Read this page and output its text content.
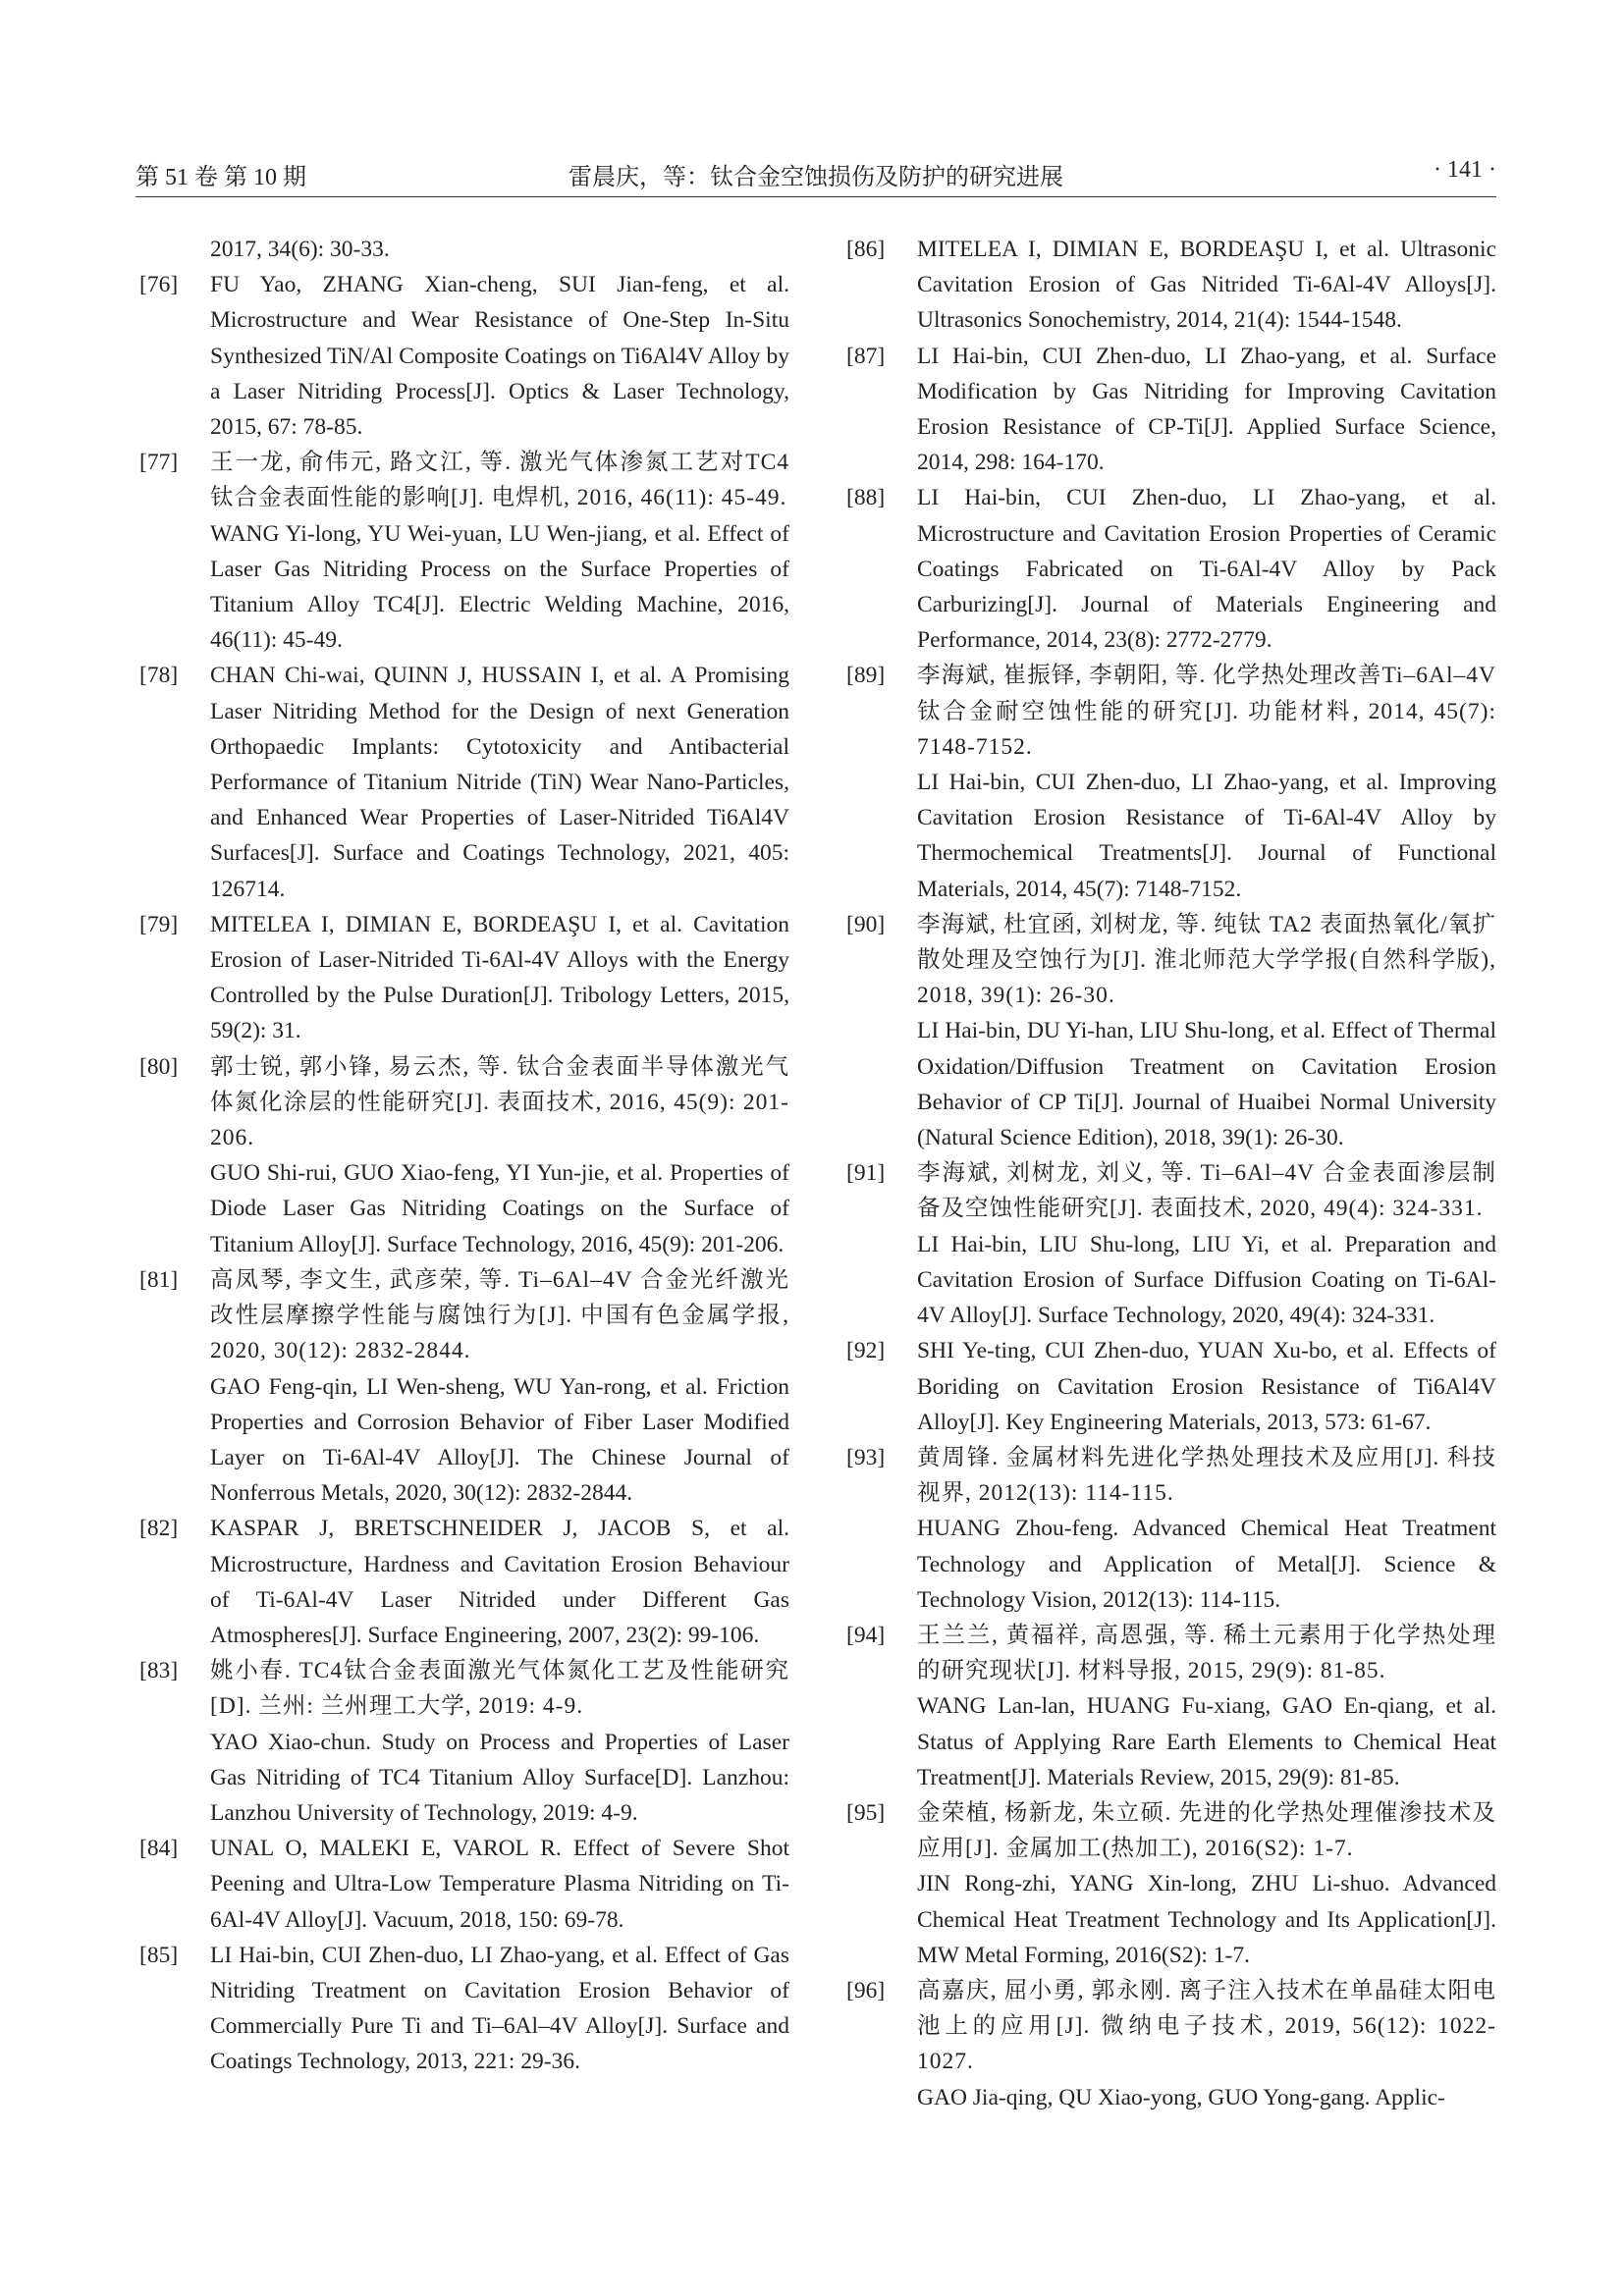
第 51 卷 第 10 期	雷晨庆，等：钛合金空蚀损伤及防护的研究进展	· 141 ·
2017, 34(6): 30-33.
[76] FU Yao, ZHANG Xian-cheng, SUI Jian-feng, et al. Microstructure and Wear Resistance of One-Step In-Situ Synthesized TiN/Al Composite Coatings on Ti6Al4V Alloy by a Laser Nitriding Process[J]. Optics & Laser Technology, 2015, 67: 78-85.
[77] 王一龙, 俞伟元, 路文江, 等. 激光气体渗氮工艺对TC4 钛合金表面性能的影响[J]. 电焊机, 2016, 46(11): 45-49.
WANG Yi-long, YU Wei-yuan, LU Wen-jiang, et al. Effect of Laser Gas Nitriding Process on the Surface Properties of Titanium Alloy TC4[J]. Electric Welding Machine, 2016, 46(11): 45-49.
[78] CHAN Chi-wai, QUINN J, HUSSAIN I, et al. A Promising Laser Nitriding Method for the Design of next Generation Orthopaedic Implants: Cytotoxicity and Antibacterial Performance of Titanium Nitride (TiN) Wear Nano-Particles, and Enhanced Wear Properties of Laser-Nitrided Ti6Al4V Surfaces[J]. Surface and Coatings Technology, 2021, 405: 126714.
[79] MITELEA I, DIMIAN E, BORDEAŞU I, et al. Cavitation Erosion of Laser-Nitrided Ti-6Al-4V Alloys with the Energy Controlled by the Pulse Duration[J]. Tribology Letters, 2015, 59(2): 31.
[80] 郭士锐, 郭小锋, 易云杰, 等. 钛合金表面半导体激光气体氮化涂层的性能研究[J]. 表面技术, 2016, 45(9): 201-206.
GUO Shi-rui, GUO Xiao-feng, YI Yun-jie, et al. Properties of Diode Laser Gas Nitriding Coatings on the Surface of Titanium Alloy[J]. Surface Technology, 2016, 45(9): 201-206.
[81] 高凤琴, 李文生, 武彦荣, 等. Ti–6Al–4V 合金光纤激光改性层摩擦学性能与腐蚀行为[J]. 中国有色金属学报, 2020, 30(12): 2832-2844.
GAO Feng-qin, LI Wen-sheng, WU Yan-rong, et al. Friction Properties and Corrosion Behavior of Fiber Laser Modified Layer on Ti-6Al-4V Alloy[J]. The Chinese Journal of Nonferrous Metals, 2020, 30(12): 2832-2844.
[82] KASPAR J, BRETSCHNEIDER J, JACOB S, et al. Microstructure, Hardness and Cavitation Erosion Behaviour of Ti-6Al-4V Laser Nitrided under Different Gas Atmospheres[J]. Surface Engineering, 2007, 23(2): 99-106.
[83] 姚小春. TC4钛合金表面激光气体氮化工艺及性能研究[D]. 兰州: 兰州理工大学, 2019: 4-9.
YAO Xiao-chun. Study on Process and Properties of Laser Gas Nitriding of TC4 Titanium Alloy Surface[D]. Lanzhou: Lanzhou University of Technology, 2019: 4-9.
[84] UNAL O, MALEKI E, VAROL R. Effect of Severe Shot Peening and Ultra-Low Temperature Plasma Nitriding on Ti-6Al-4V Alloy[J]. Vacuum, 2018, 150: 69-78.
[85] LI Hai-bin, CUI Zhen-duo, LI Zhao-yang, et al. Effect of Gas Nitriding Treatment on Cavitation Erosion Behavior of Commercially Pure Ti and Ti–6Al–4V Alloy[J]. Surface and Coatings Technology, 2013, 221: 29-36.
[86] MITELEA I, DIMIAN E, BORDEAŞU I, et al. Ultrasonic Cavitation Erosion of Gas Nitrided Ti-6Al-4V Alloys[J]. Ultrasonics Sonochemistry, 2014, 21(4): 1544-1548.
[87] LI Hai-bin, CUI Zhen-duo, LI Zhao-yang, et al. Surface Modification by Gas Nitriding for Improving Cavitation Erosion Resistance of CP-Ti[J]. Applied Surface Science, 2014, 298: 164-170.
[88] LI Hai-bin, CUI Zhen-duo, LI Zhao-yang, et al. Microstructure and Cavitation Erosion Properties of Ceramic Coatings Fabricated on Ti-6Al-4V Alloy by Pack Carburizing[J]. Journal of Materials Engineering and Performance, 2014, 23(8): 2772-2779.
[89] 李海斌, 崔振铎, 李朝阳, 等. 化学热处理改善Ti–6Al–4V 钛合金耐空蚀性能的研究[J]. 功能材料, 2014, 45(7): 7148-7152.
LI Hai-bin, CUI Zhen-duo, LI Zhao-yang, et al. Improving Cavitation Erosion Resistance of Ti-6Al-4V Alloy by Thermochemical Treatments[J]. Journal of Functional Materials, 2014, 45(7): 7148-7152.
[90] 李海斌, 杜宜函, 刘树龙, 等. 纯钛 TA2 表面热氧化/氧扩散处理及空蚀行为[J]. 淮北师范大学学报(自然科学版), 2018, 39(1): 26-30.
LI Hai-bin, DU Yi-han, LIU Shu-long, et al. Effect of Thermal Oxidation/Diffusion Treatment on Cavitation Erosion Behavior of CP Ti[J]. Journal of Huaibei Normal University (Natural Science Edition), 2018, 39(1): 26-30.
[91] 李海斌, 刘树龙, 刘义, 等. Ti–6Al–4V 合金表面渗层制备及空蚀性能研究[J]. 表面技术, 2020, 49(4): 324-331.
LI Hai-bin, LIU Shu-long, LIU Yi, et al. Preparation and Cavitation Erosion of Surface Diffusion Coating on Ti-6Al-4V Alloy[J]. Surface Technology, 2020, 49(4): 324-331.
[92] SHI Ye-ting, CUI Zhen-duo, YUAN Xu-bo, et al. Effects of Boriding on Cavitation Erosion Resistance of Ti6Al4V Alloy[J]. Key Engineering Materials, 2013, 573: 61-67.
[93] 黄周锋. 金属材料先进化学热处理技术及应用[J]. 科技视界, 2012(13): 114-115.
HUANG Zhou-feng. Advanced Chemical Heat Treatment Technology and Application of Metal[J]. Science & Technology Vision, 2012(13): 114-115.
[94] 王兰兰, 黄福祥, 高恩强, 等. 稀土元素用于化学热处理的研究现状[J]. 材料导报, 2015, 29(9): 81-85.
WANG Lan-lan, HUANG Fu-xiang, GAO En-qiang, et al. Status of Applying Rare Earth Elements to Chemical Heat Treatment[J]. Materials Review, 2015, 29(9): 81-85.
[95] 金荣植, 杨新龙, 朱立硕. 先进的化学热处理催渗技术及应用[J]. 金属加工(热加工), 2016(S2): 1-7.
JIN Rong-zhi, YANG Xin-long, ZHU Li-shuo. Advanced Chemical Heat Treatment Technology and Its Application[J]. MW Metal Forming, 2016(S2): 1-7.
[96] 高嘉庆, 屈小勇, 郭永刚. 离子注入技术在单晶硅太阳电池上的应用[J]. 微纳电子技术, 2019, 56(12): 1022-1027.
GAO Jia-qing, QU Xiao-yong, GUO Yong-gang. Applic-
